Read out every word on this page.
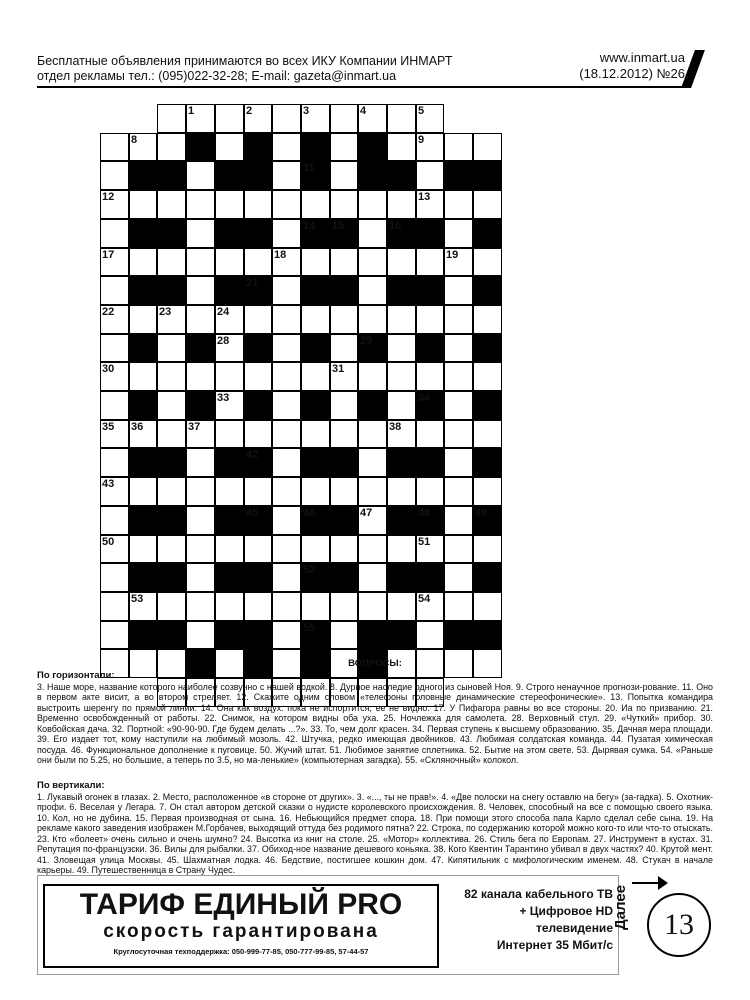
Бесплатные объявления принимаются во всех ИКУ Компании ИНМАРТ
отдел рекламы тел.: (095)022-32-28; E-mail: gazeta@inmart.ua
www.inmart.ua
(18.12.2012) №26
1	2	3	4	5
8	9
11
12	13
14 15	16
17	18	19
21
22	23	24
28	29
30	31
33	34
35 36	37	38
42
43
45	46	47	48	49
50	51
52
53	54
55
ВОПРОСЫ:
По горизонтали:
3. Наше море, название которого наиболее созвучно с нашей водкой. 8. Дурное наследие одного из сыновей Ноя. 9. Строго ненаучное прогнози-рование. 11. Оно в первом акте висит, а во втором стреляет. 12. Скажите одним словом «телефоны головные динамические стереофонические». 13. Попытка командира выстроить шеренгу по прямой линии. 14. Она как воздух: пока не испортится, ее не видно. 17. У Пифагора равны во все стороны. 20. Иа по призванию. 21. Временно освобожденный от работы. 22. Снимок, на котором видны оба уха. 25. Ночлежка для самолета. 28. Верховный стул. 29. «Чуткий» прибор. 30. Ковбойская дача. 32. Портной: «90-90-90. Где будем делать ...?». 33. То, чем долг красен. 34. Первая ступень к высшему образованию. 35. Дачная мера площади. 39. Его издает тот, кому наступили на любимый мозоль. 42. Штучка, редко имеющая двойников. 43. Любимая солдатская команда. 44. Пузатая химическая посуда. 46. Функциональное дополнение к пуговице. 50. Жучий штат. 51. Любимое занятие сплетника. 52. Бытие на этом свете. 53. Дырявая сумка. 54. «Раньше они были по 5.25, но большие, а теперь по 3.5, но ма-ленькие» (компьютерная загадка). 55. «Скляночный» колокол.
По вертикали:
1. Лукавый огонек в глазах. 2. Место, расположенное «в стороне от других». 3. «..., ты не прав!». 4. «Две полоски на снегу оставлю на бегу» (за-гадка). 5. Охотник-профи. 6. Веселая у Легара. 7. Он стал автором детской сказки о нудисте королевского происхождения. 8. Человек, способный на все с помощью своего языка. 10. Кол, но не дубина. 15. Первая производная от сына. 16. Небьющийся предмет спора. 18. При помощи этого способа папа Карло сделал себе сына. 19. На рекламе какого заведения изображен М.Горбачев, выходящий оттуда без родимого пятна? 22. Строка, по содержанию которой можно кого-то или что-то отыскать. 23. Кто «болеет» очень сильно и очень шумно? 24. Высотка из книг на столе. 25. «Мотор» коллектива. 26. Стиль бега по Европам. 27. Инструмент в кустах. 31. Репутация по-французски. 36. Вилы для рыбалки. 37. Обиход-ное название дешевого коньяка. 38. Кого Квентин Тарантино убивал в двух частях? 40. Крутой мент. 41. Зловещая улица Москвы. 45. Шахматная лодка. 46. Бедствие, постигшее кошкин дом. 47. Кипятильник с мифологическим именем. 48. Стукач в начале карьеры. 49. Путешественница в Страну Чудес.
ТАРИФ ЕДИНЫЙ PRO
скорость гарантирована
Круглосуточная техподдержка: 050-999-77-85, 050-777-99-85, 57-44-57
82 канала кабельного ТВ
+ Цифровое HD телевидение
Интернет 35 Мбит/с
Далее	13
